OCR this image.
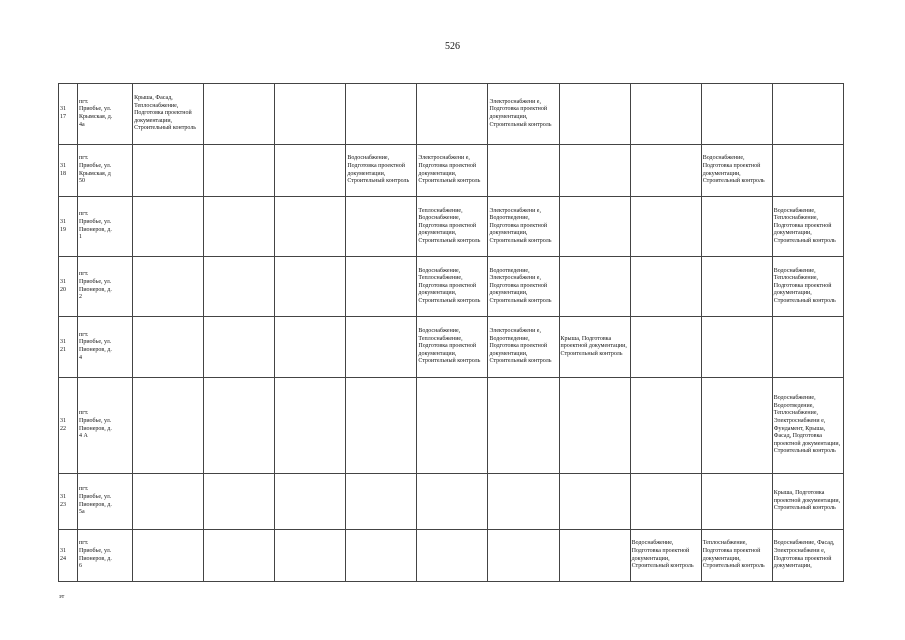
526
31
17	пгт.
Приобье, ул.
Крымская, д.
4а	Крыша, Фасад, Теплоснабжение, Подготовка проектной документации, Строительный контроль					Электроснабжени е, Подготовка проектной документации, Строительный контроль					

31
18	пгт.
Приобье, ул.
Крымская, д
50				Водоснабжение, Подготовка проектной документации, Строительный контроль	Электроснабжени е, Подготовка проектной документации, Строительный контроль				Водоснабжение, Подготовка проектной документации, Строительный контроль		

31
19	пгт.
Приобье, ул.
Пионеров, д.
1					Теплоснабжение, Водоснабжение, Подготовка проектной документации, Строительный контроль	Электроснабжени е, Водоотведение, Подготовка проектной документации, Строительный контроль				Водоснабжение, Теплоснабжение, Подготовка проектной документации, Строительный контроль	

31
20	пгт.
Приобье, ул.
Пионеров, д.
2					Водоснабжение, Теплоснабжение, Подготовка проектной документации, Строительный контроль	Водоотведение, Электроснабжени е, Подготовка проектной документации, Строительный контроль				Водоснабжение, Теплоснабжение, Подготовка проектной документации, Строительный контроль	

31
21	пгт.
Приобье, ул.
Пионеров, д.
4					Водоснабжение, Теплоснабжение, Подготовка проектной документации, Строительный контроль	Электроснабжени е, Водоотведение, Подготовка проектной документации, Строительный контроль	Крыша, Подготовка проектной документации, Строительный контроль				

31
22	пгт.
Приобье, ул.
Пионеров, д.
4 А										Водоснабжение, Водоотведение, Теплоснабжение, Электроснабжени е, Фундамент, Крыша, Фасад, Подготовка проектной документации, Строительный контроль	

31
23	пгт.
Приобье, ул.
Пионеров, д.
5а										Крыша, Подготовка проектной документации, Строительный контроль	

31
24	пгт.
Приобье, ул.
Пионеров, д.
6								Водоснабжение, Подготовка проектной документации, Строительный контроль	Теплоснабжение, Подготовка проектной документации, Строительный контроль	Водоснабжение, Фасад, Электроснабжени е, Подготовка проектной документации,	
эт
